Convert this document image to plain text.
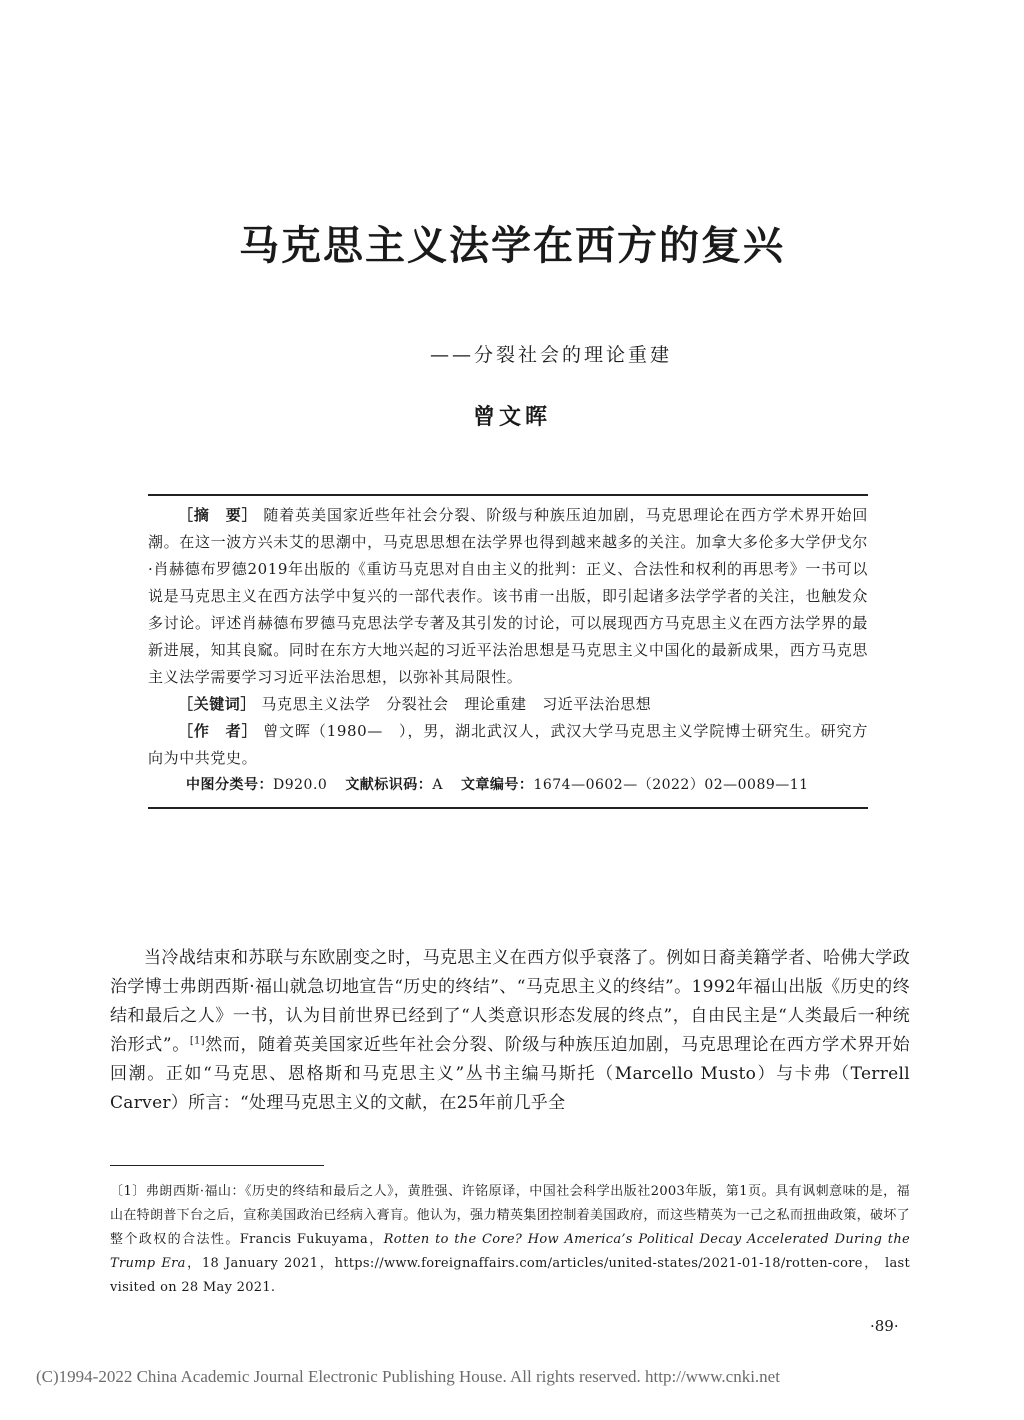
马克思主义法学在西方的复兴
——分裂社会的理论重建
曾文晖

［摘　要］ 随着英美国家近些年社会分裂、阶级与种族压迫加剧，马克思理论在西方学术界开始回潮。在这一波方兴未艾的思潮中，马克思思想在法学界也得到越来越多的关注。加拿大多伦多大学伊戈尔·肖赫德布罗德2019年出版的《重访马克思对自由主义的批判：正义、合法性和权利的再思考》一书可以说是马克思主义在西方法学中复兴的一部代表作。该书甫一出版，即引起诸多法学学者的关注，也触发众多讨论。评述肖赫德布罗德马克思法学专著及其引发的讨论，可以展现西方马克思主义在西方法学界的最新进展，知其良窳。同时在东方大地兴起的习近平法治思想是马克思主义中国化的最新成果，西方马克思主义法学需要学习习近平法治思想，以弥补其局限性。

［关键词］ 马克思主义法学　分裂社会　理论重建　习近平法治思想

［作　者］ 曾文晖（1980—　），男，湖北武汉人，武汉大学马克思主义学院博士研究生。研究方向为中共党史。

中图分类号：D920.0 文献标识码：A 文章编号：1674—0602—（2022）02—0089—11

当冷战结束和苏联与东欧剧变之时，马克思主义在西方似乎衰落了。例如日裔美籍学者、哈佛大学政治学博士弗朗西斯·福山就急切地宣告“历史的终结”、“马克思主义的终结”。1992年福山出版《历史的终结和最后之人》一书，认为目前世界已经到了“人类意识形态发展的终点”，自由民主是“人类最后一种统治形式”。[1]然而，随着英美国家近些年社会分裂、阶级与种族压迫加剧，马克思理论在西方学术界开始回潮。正如“马克思、恩格斯和马克思主义”丛书主编马斯托（Marcello Musto）与卡弗（Terrell Carver）所言：“处理马克思主义的文献，在25年前几乎全

〔1〕弗朗西斯·福山：《历史的终结和最后之人》，黄胜强、许铭原译，中国社会科学出版社2003年版，第1页。具有讽刺意味的是，福山在特朗普下台之后，宣称美国政治已经病入膏肓。他认为，强力精英集团控制着美国政府，而这些精英为一己之私而扭曲政策，破坏了整个政权的合法性。Francis Fukuyama，Rotten to the Core? How America’s Political Decay Accelerated During the Trump Era，18 January 2021，https://www.foreignaffairs.com/articles/united-states/2021-01-18/rotten-core， last visited on 28 May 2021.

·89·
(C)1994-2022 China Academic Journal Electronic Publishing House. All rights reserved. http://www.cnki.net
